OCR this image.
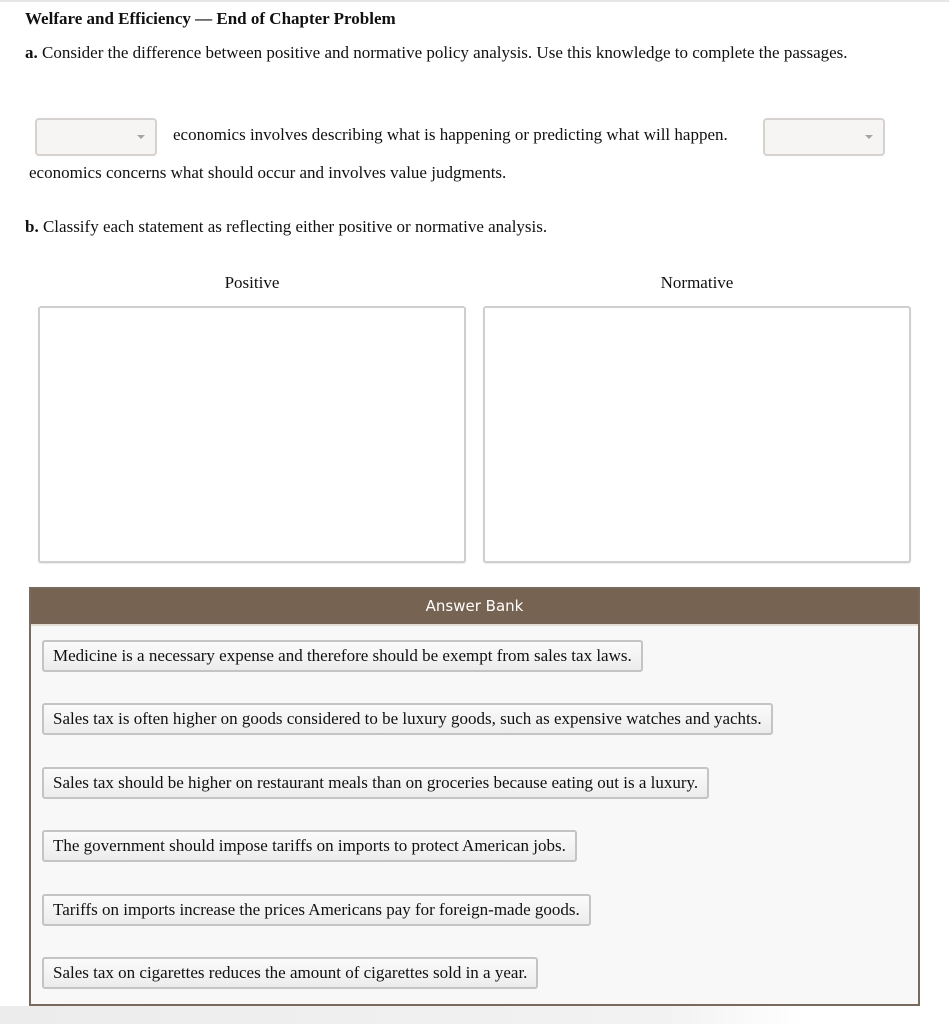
Welfare and Efficiency — End of Chapter Problem
a. Consider the difference between positive and normative policy analysis. Use this knowledge to complete the passages.
economics involves describing what is happening or predicting what will happen.
economics concerns what should occur and involves value judgments.
b. Classify each statement as reflecting either positive or normative analysis.
Positive	Normative
Answer Bank
Medicine is a necessary expense and therefore should be exempt from sales tax laws.
Sales tax is often higher on goods considered to be luxury goods, such as expensive watches and yachts.
Sales tax should be higher on restaurant meals than on groceries because eating out is a luxury.
The government should impose tariffs on imports to protect American jobs.
Tariffs on imports increase the prices Americans pay for foreign-made goods.
Sales tax on cigarettes reduces the amount of cigarettes sold in a year.
